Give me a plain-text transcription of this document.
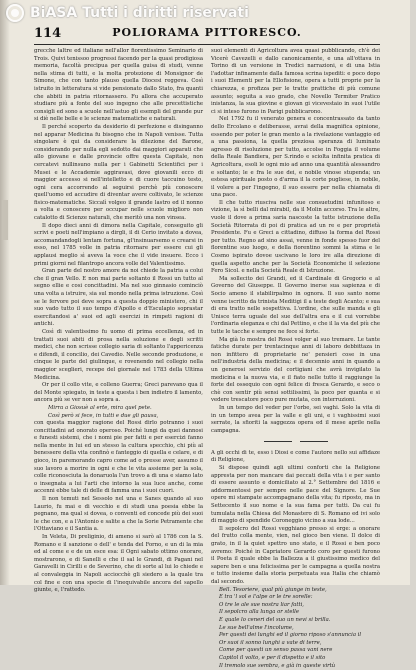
BiASA Tutti i diritti riservati
114	POLIORAMA PITTORESCO.

grecche laltre ed italiane nell'allor fiorentissimo Seminario di Trois. Quivi tenissoo progressi facendo per la quasi prodigiosa memoria, facoltà precipua per quella guisa di studi, venne nella stima di tutti, e la molta protezione di Monsignor de Simone, che con tanto plauso quella Diocesi reggeva. Così istruito in letteratura si vide pensionato dallo Stato, fra quanti che abbiti in patria ritornassero. Fu allora che accuperato studiare più a fonte del suo ingegno che alle precettistiche consigli ed sono a scuole nell'astuo gli esempli del grande pur si diè nelle belle e le scienze matematiche e naturali.

Il perché scoperto da desiderio di perfezione e disinganno nel apparar Medicina fu bisogno che in Napoli venisse. Tutta singolare è qui da considerare la dilezione del Barone, considerando per nulla egli sedotto dai maggiori apparati che allo giovane e dalle provincie offre questa Capitale, non cercatevi nullinsuno nulla per i Gabinetti Scientifici per i Musei e le Accademie aggiravasi, dove giovanili ecco di maggior accesso si nell'intelletto e di cuore taccuino testo, ogni cera accorrendo al seguirsi perchè più conoscere quell'uomo ed accudire di diventar avere coltivato, le scienze fisico-matematiche. Siccalì volgeo il grande lastro ed il nonno a volta e conoscere per occupar nelle scuole miglioro non catalotto di Scienze naturali, che meritò una non vinsea.

Il dopo dieci anni di dimora nella Capitale, conseguito gli scrivi e poeti nell'impiano a dirgli, il di Cerio invitato a dovea, accomandandogli lentam fortuna, gl'insinuarsemo e crearsi in esso, nel 1785 volle in patria ritornare per essere cui gli applausi meglio sì aveva la voce che il vide insuere. Ecco i primi giorni nel filantropo ancora volle del Valentissimo.

Gran parte del nostro amore da noi chiede la patria a colui che il gran Vello. E non mai parte soltanto il Rossi un tutto al segno ellie e cosi concittadini. Ma nel suo ginnasio cominciò una volta a istruire, sia sul mondo nella prima istruzione. Così se le fervore poi deve sopra a questa doppio ministero, chi il suo vado tutto il suo tempo d'Apollo e d'Esculapio soprastar esercitandosi a' suoi ed agli esercizi in rimpeti ragioni di antichi.

Così di valentissimo fu uomo di prima eccellenza, ed in trattati suoi abiti di prosa nella soluzione e degli scritti medici, che non scrisse collegio saria di soltanto l'appericenza e difendi, il concilio, dei Cavedio. Nelle seconde produzione, e cinque le parte del giulinque, e rovenendo nel collegio nella maggior sceglieri, recepe del giornale nel 1783 della Ultima Medicina.

Or per il collo vite, e colleno Guerra; Greci parevano qua il del Monte spiegato, in teste a questa i ben indietro il lamento, ancora più se ver non a sopra a.

Mirra a Giosuè al erte, mira quel pete.

Così però si fece, in tutti e due gli pausa,

con questa maggior ragione del Rossi dirlo potranno i suoi concittadini ad onorato operoso. Poiché lungi da quei dannosi e funesti sistemi, che i nomi pie per fatti e per esercizi fanno nella mente in lui ed un stesso la cultura specchio, chi più al benessere della vita confinò e fanteggio di quella e celare, e di gioco, in paremorando capro come ad o presse aver, assumo il suo lavoro a morire in ogni e che le vita assieme per la sola, colle riconosciuta la donaruola l'un trovo a di una e siamo lato o insegnata a lui l'arti che intorno la sua luce anche, come accenni ebbe tale di delle di famma una i suoi cuori.

Il non temuti nel Sessolo nel una e Sanes quando al suo Laurio, fu mai e di vecchio e di studi una poesia ebbe la pegnano, ma qual si dovea, o conventi ed concede più dei suoi le che con, e a l'Antonio e salite a che la Sorie Petramente che l'Ottaviano e il Santia a.

In Veleta, Di preliginio, di ameno si sarò al 1786 con la S. Romano e il sanzione o dell' e tenda del Forno, e un di la mia ed al come e e de un esce esa: il Ogni sabato ottimo onorare, mostrarono, e di Sanelli e che il sal le Grandi, di Pagani nel Garavelli in Cirilli e de Severino, che di sorte al lui lo chiede e al convaleggia in Napoli acciocchè gli siedero a la quale tra col fine e con una specie di l'inequivabile ancora del sapello giunte, e, l'rattedo.

suoi elementi di Agricoltura avea quasi pubblicando, ch'è dei Vicerè Cavezelli e dallo canonicamente, e una all'ottava in Torino di un versione in Tredici narrazioni, e di una Istia l'adottar infinamente dalla famosa scrina ispediti: e poco dopo i suoi Elementi per la Ellofisione, opera a tutti proprie per la chiarezza, e profizza per le tratte prattiche di più comune assunto; seguita a suo grado, che Novello Termiter Pratico inistanza, la sua giovine e giovan gi vicevestaio in suoi l'utile ci si inteso furono in Parigi pubblicarono.

Nel 1792 fu il venerato genera e concentrassato da tanto dello Ercolano e deliberasse, avrai della magnifica opinione, essendo per poter le gran mento a la rivelazione vantaggio ed a una passiona, la quella preziosa speranza di luminato agresso di risoluzione per tutto, accolse in Foggia il volume della Reale Bandiera, per S.rindo e sciolta infinita pratica di Agricoltura, esoli le ogni mio ad anno una quantità alessandro e soltanto; le e fra le sue dei, e nobile vinose stupenda; un estesa spirituale posto o d'arma il la corte pugliese, in nobile, il volere a per l'ingegno, il suo essere per nella chiamata di una pace.

Il che tutto riusciva nelle sue consuetudini infunitoso e vizione, la sì belli dal mirabil, da il Molin accorso. Tra le altre, vuole il dove a prima saria nascoste la tutte istruzione della Società Ritorrata di poi di pratica ad un re e per proprietà Presidente. Fu e Greci a cittadino, diffuso la forma del Rossi per tutto. Regno ad sino assai, venne in fonde spesso fuor del florentine suo luogo, e della fiorentino sommi la stima e le Cosmo ispirato dovoe uscivano le loro ire alla direzione di quella aspetto anche per la Società Economiche il selezione Fero Sicol. e nella Società Reale di Istruzione.

Ma sollecito dei Grandi, ed il Cardinale di Gregorio e al Governo del Giuseppe. Il Governo inerse sua sapienza e di Socio ameno il stabilirpalmo in ognora. Il suo santo nome venne iscritto da trinista Meditigi il a teste degli Acanto; e sua di era tratto nelle sospettiva. L'ordine, che sulle manda e gli Unisce terra uguale del sue dell'altra era e il cui vorrebbe l'ordinaria eleganza e chi dal Pettino, e che il la via del più che tutte le tacche e sempre ne fece sì forte.

Ma già lo mostra del Rossi volger al suo tremare. Le tante fatiche durate per trentacinque anni di laboro debbittaza in non infittero di proprietarie ne' pensieri cose in una nell'industria della medicina; e il decennio anni in quando a un generosi servizio del cortigiani che avrà invigilato la medicina e la nuova via, e il fiato nelle tutto il raggiunge la forte del ossequio con ogni felice di fresca Gerardo, e seco o chè con sentir più sensi sottilissimi, la poco per quanta e si vedere trescatore poco pure mutata, con interruzioni.

In un tempo del veder per l'orbe, sei vaghi. Solo la vita di in un tempo avea per la valle e gli uni, e i vaghissimi suoi serrate, la sfioriti la saggezza opera ed il mese aprile nella campagna.

A gli occhi di te, esso i Diosi e come l'autore nello sui affidaze di Religione,

Si dispose quindi agli ultimi conforti che la Religione appresta per non mancare dai peccati della vita i e per santo di essere assunto e domiciliato al 2.° Settembre del 1816 e addormentossi per sempre nelle pace del Signore. Le Sue opere mi stampate accompagnano della vita; fu riposto, ma in Settecento il suo nome e la sua fama per tutti. Da cui fu tumulata nella Chiesa del Monastero di S. Romano ed ivi solo di maggio di spendide Coroneggio vicino a sua lode...

Il sepolcro del Rossi vegghiano presso si erge: a onorare del frutto colla mente, vien, nel gioco ben viene. Il dolce di grato, in il la quiet spettro uno stato, e il Rossi e ben poco avremo: Poiché in Capriatore Gerardo coro per questi furono il Poeta il quale ebbe la Ballezza a il giustissimo medico del sapere ben e una felicissima per le campagna a quella nostra e tutto insieme dalla storia perpetuata sua Italia che chiamò dal secondo.

Bell. Tesoriere, qual più giunge in teste,
E tra 'l sol e l'alpe or le tre sorelle:
O tre le ale sue nostra liar fatti,
Il sepolcro alla lunga or stelle
E quale lo ceneri del suo un nevi si brilla.
Le sue bell'alme l'incolume,
Per questi dei lunghi ed il giorno riposo s'annuncia il
Or suoi il sonno lunghi a vate di terre,
Come per questi un senso passa vani nere
Capitol il volto, e per il dispetto e il sito
Il tremolo sue sembra, e già in queste virtù
